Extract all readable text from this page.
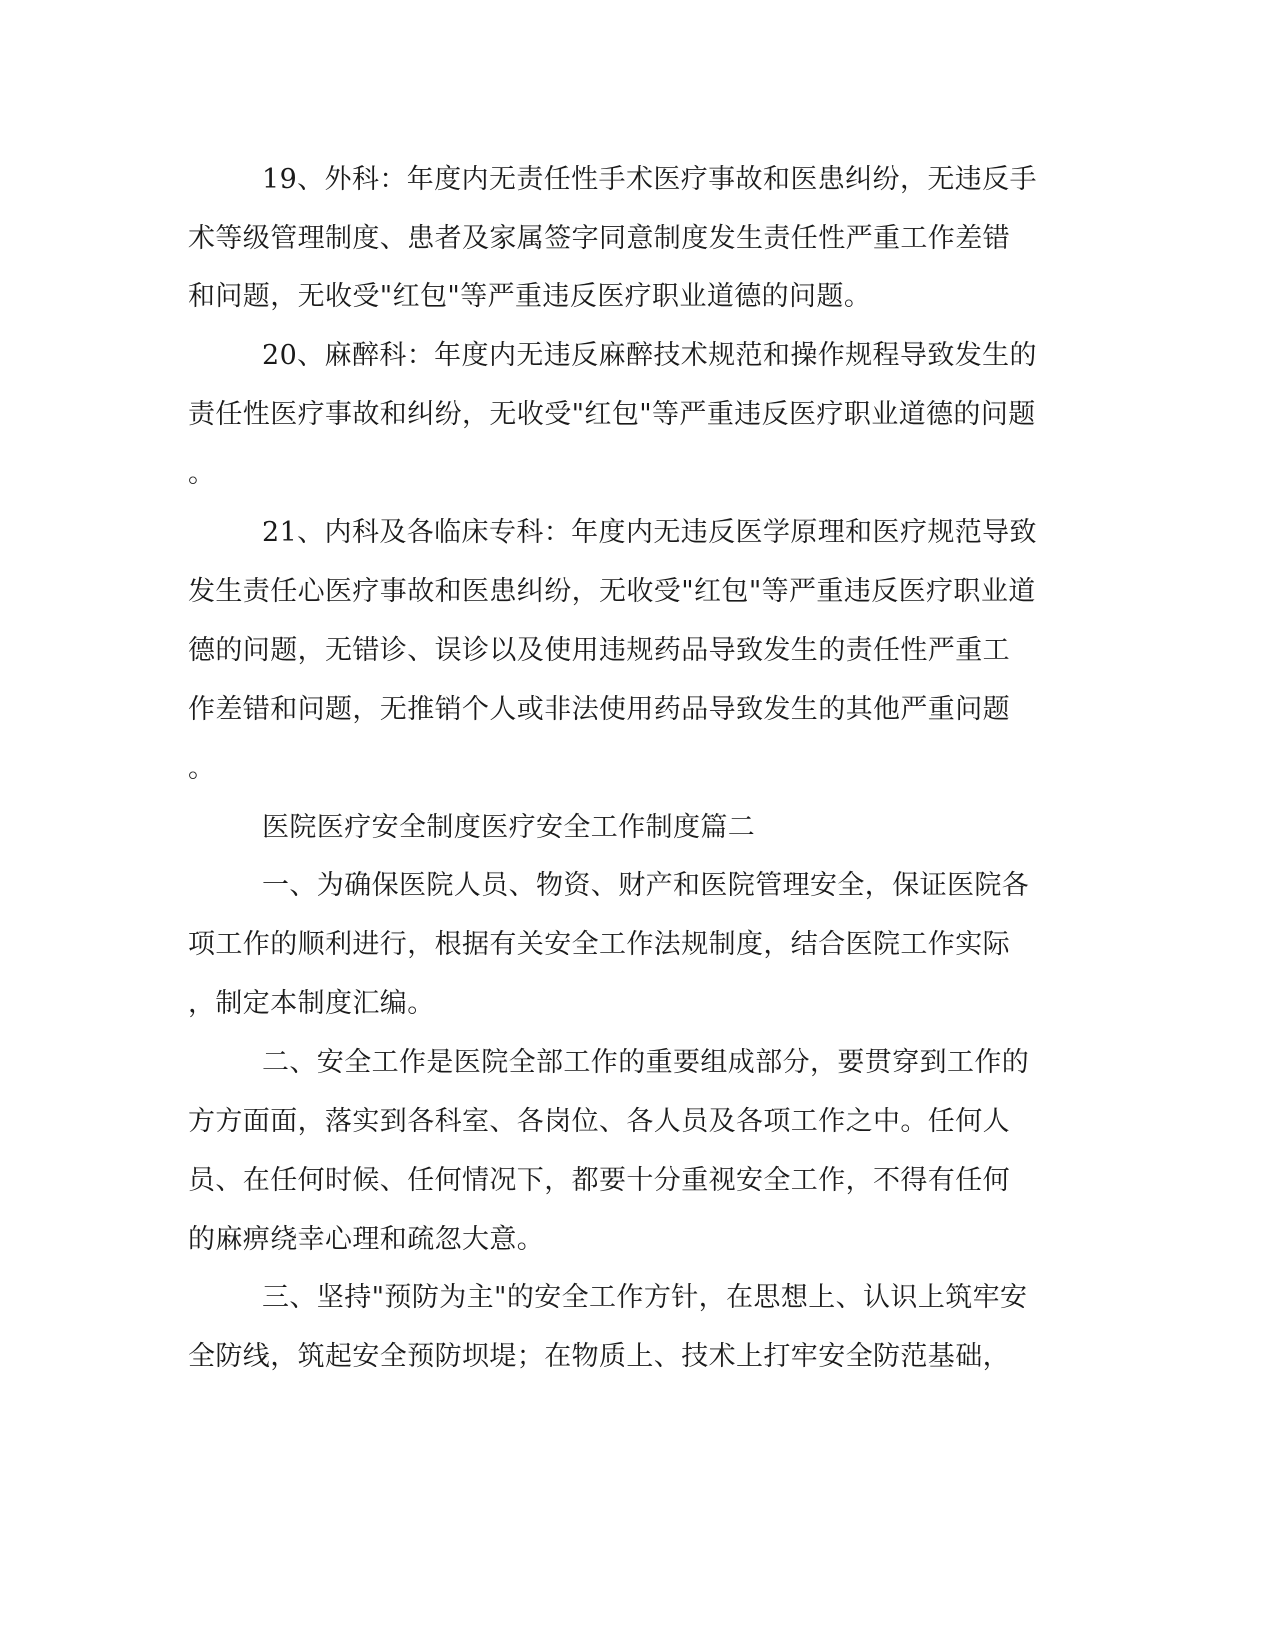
19、外科：年度内无责任性手术医疗事故和医患纠纷，无违反手
术等级管理制度、患者及家属签字同意制度发生责任性严重工作差错
和问题，无收受"红包"等严重违反医疗职业道德的问题。
20、麻醉科：年度内无违反麻醉技术规范和操作规程导致发生的
责任性医疗事故和纠纷，无收受"红包"等严重违反医疗职业道德的问题
。
21、内科及各临床专科：年度内无违反医学原理和医疗规范导致
发生责任心医疗事故和医患纠纷，无收受"红包"等严重违反医疗职业道
德的问题，无错诊、误诊以及使用违规药品导致发生的责任性严重工
作差错和问题，无推销个人或非法使用药品导致发生的其他严重问题
。
医院医疗安全制度医疗安全工作制度篇二
一、为确保医院人员、物资、财产和医院管理安全，保证医院各
项工作的顺利进行，根据有关安全工作法规制度，结合医院工作实际
，制定本制度汇编。
二、安全工作是医院全部工作的重要组成部分，要贯穿到工作的
方方面面，落实到各科室、各岗位、各人员及各项工作之中。任何人
员、在任何时候、任何情况下，都要十分重视安全工作，不得有任何
的麻痹绕幸心理和疏忽大意。
三、坚持"预防为主"的安全工作方针，在思想上、认识上筑牢安
全防线，筑起安全预防坝堤；在物质上、技术上打牢安全防范基础，
